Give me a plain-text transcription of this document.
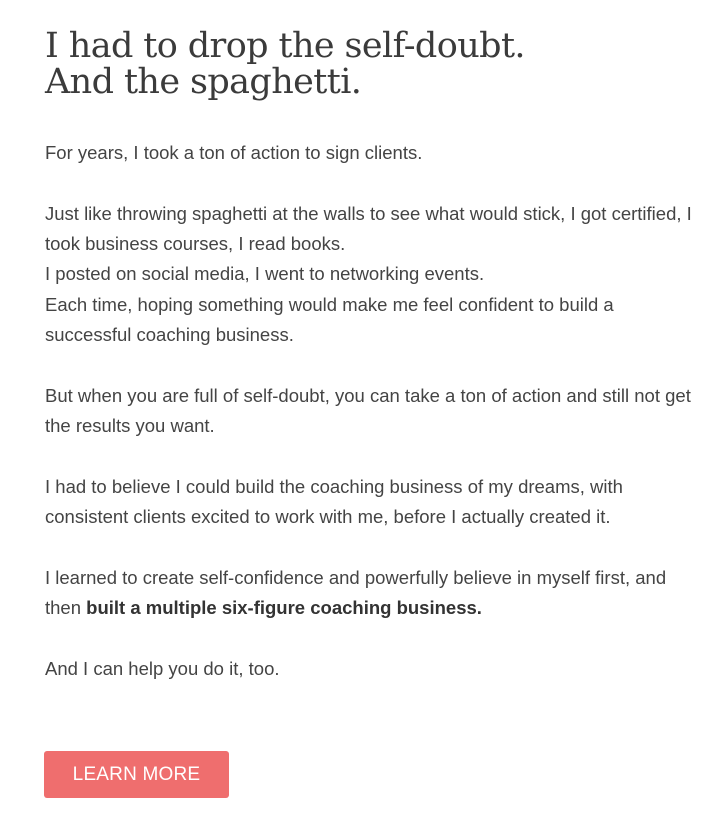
I had to drop the self-doubt.
And the spaghetti.

For years, I took a ton of action to sign clients.

Just like throwing spaghetti at the walls to see what would stick, I got certified, I took business courses, I read books.
I posted on social media, I went to networking events.
Each time, hoping something would make me feel confident to build a successful coaching business.

But when you are full of self-doubt, you can take a ton of action and still not get the results you want.

I had to believe I could build the coaching business of my dreams, with consistent clients excited to work with me, before I actually created it.

I learned to create self-confidence and powerfully believe in myself first, and then built a multiple six-figure coaching business.

And I can help you do it, too.

LEARN MORE
